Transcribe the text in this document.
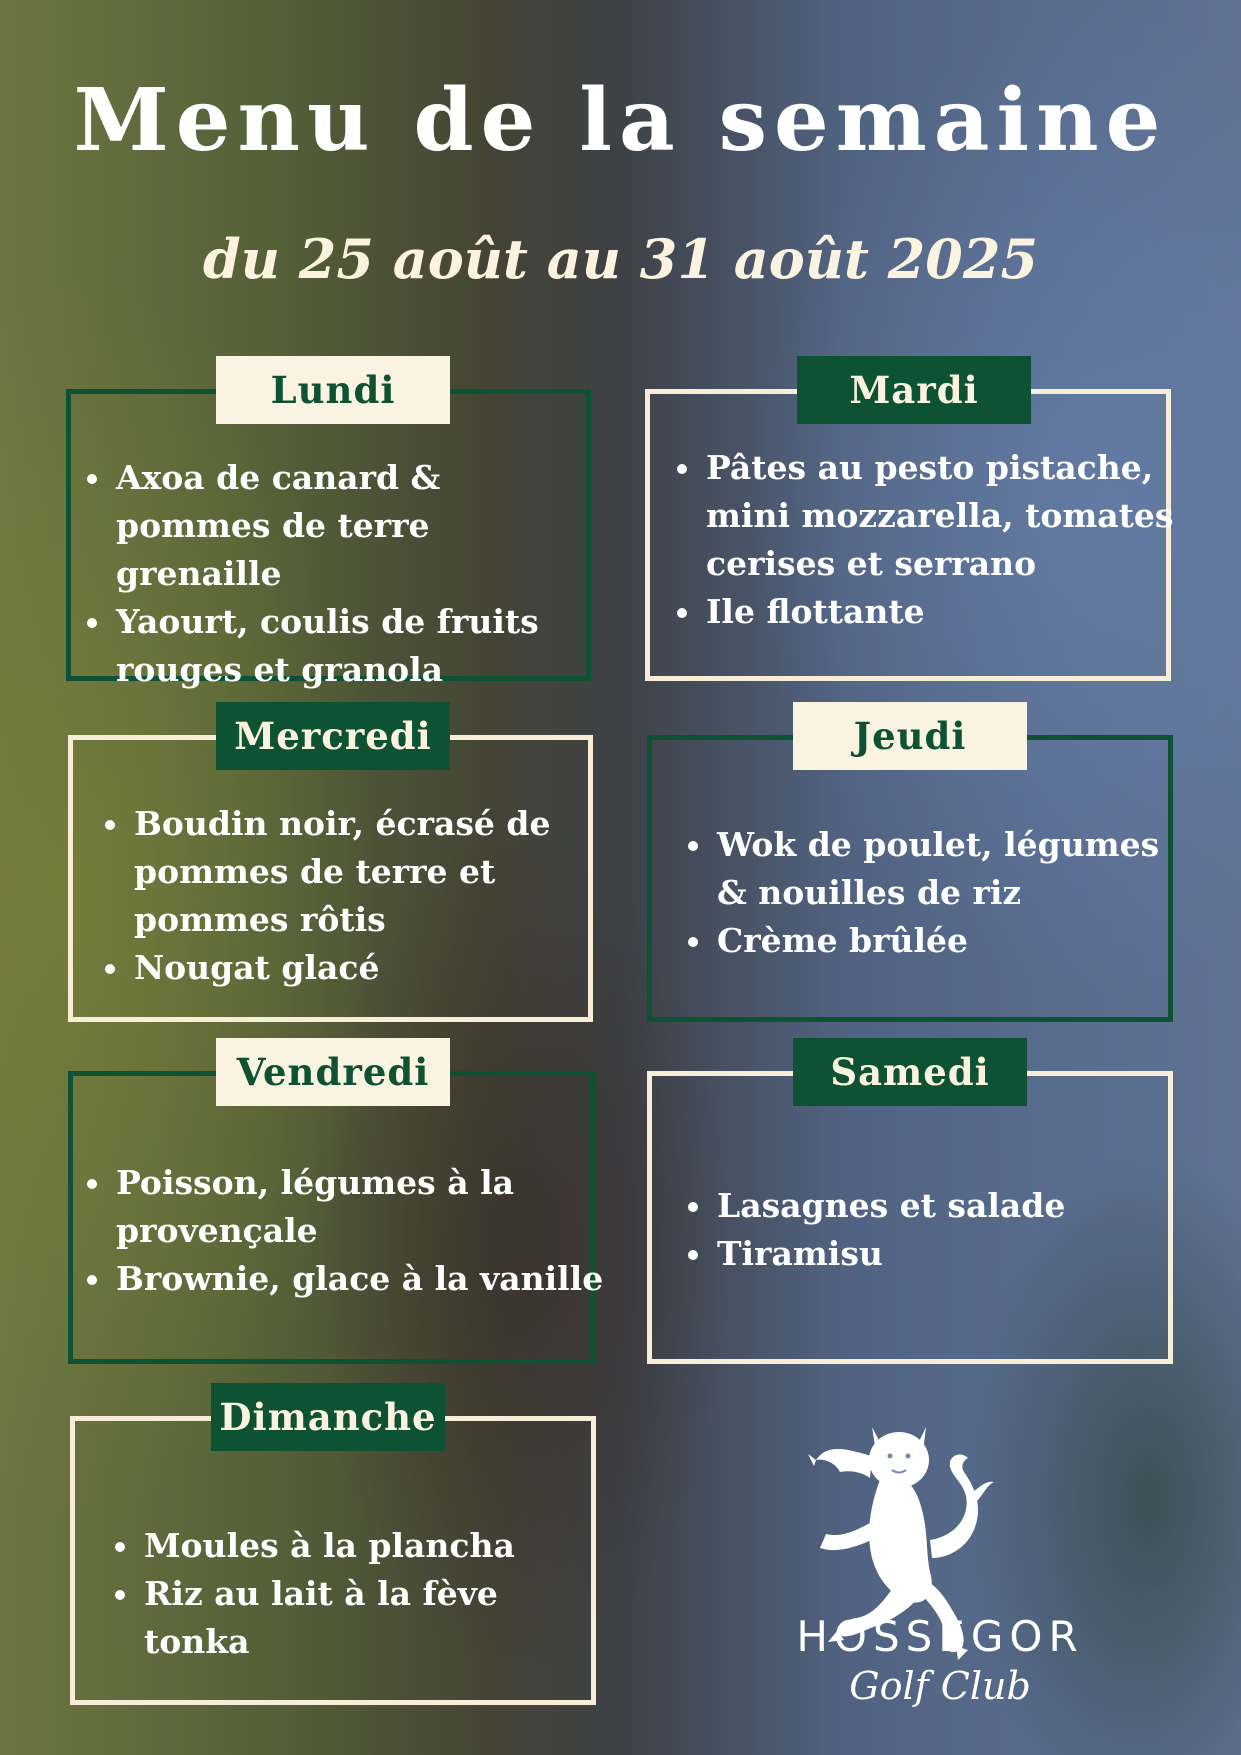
Menu de la semaine
du 25 août au 31 août 2025
Lundi
• Axoa de canard & pommes de terre grenaille
• Yaourt, coulis de fruits rouges et granola
Mardi
• Pâtes au pesto pistache, mini mozzarella, tomates cerises et serrano
• Ile flottante
Mercredi
• Boudin noir, écrasé de pommes de terre et pommes rôtis
• Nougat glacé
Jeudi
• Wok de poulet, légumes & nouilles de riz
• Crème brûlée
Vendredi
• Poisson, légumes à la provençale
• Brownie, glace à la vanille
Samedi
• Lasagnes et salade
• Tiramisu
Dimanche
• Moules à la plancha
• Riz au lait à la fève tonka	HOSSEGOR
Golf Club
